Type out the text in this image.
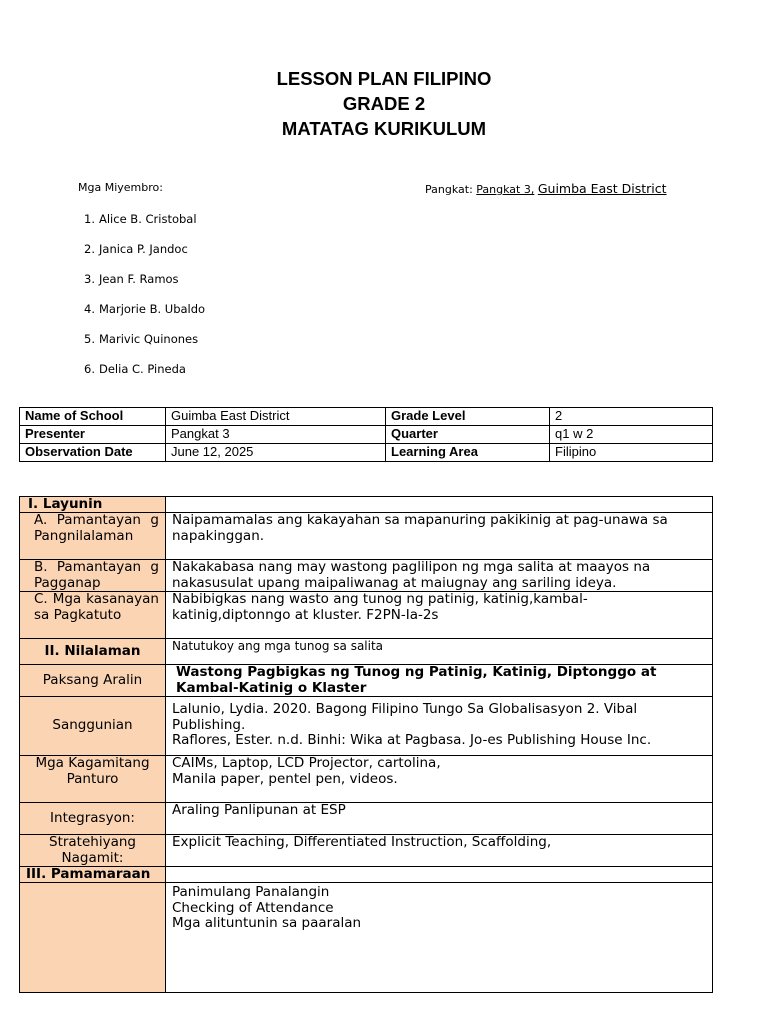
LESSON PLAN FILIPINO
GRADE 2
MATATAG KURIKULUM
Mga Miyembro:	Pangkat: Pangkat 3, Guimba East District
1. Alice B. Cristobal
2. Janica P. Jandoc
3. Jean F. Ramos
4. Marjorie B. Ubaldo
5. Marivic Quinones
6. Delia C. Pineda
Name of School	Guimba East District	Grade Level	2
Presenter	Pangkat 3	Quarter	q1 w 2
Observation Date	June 12, 2025	Learning Area	Filipino
I. Layunin	
A. Pamantayan g Pangnilalaman	Naipamamalas ang kakayahan sa mapanuring pakikinig at pag-unawa sa napakinggan.
B. Pamantayan g Pagganap	Nakakabasa nang may wastong paglilipon ng mga salita at maayos na nakasusulat upang maipaliwanag at maiugnay ang sariling ideya.
C. Mga kasanayan sa Pagkatuto	Nabibigkas nang wasto ang tunog ng patinig, katinig,kambal-katinig,diptonngo at kluster. F2PN-Ia-2s
II. Nilalaman	Natutukoy ang mga tunog sa salita
Paksang Aralin	Wastong Pagbigkas ng Tunog ng Patinig, Katinig, Diptonggo at Kambal-Katinig o Klaster
Sanggunian	Lalunio, Lydia. 2020. Bagong Filipino Tungo Sa Globalisasyon 2. Vibal Publishing.
Raflores, Ester. n.d. Binhi: Wika at Pagbasa. Jo-es Publishing House Inc.

Mga Kagamitang Panturo	CAIMs, Laptop, LCD Projector, cartolina,
Manila paper, pentel pen, videos.

Integrasyon:	Araling Panlipunan at ESP
Stratehiyang Nagamit:	Explicit Teaching, Differentiated Instruction, Scaffolding,
III. Pamamaraan	

	Panimulang Panalangin
Checking of Attendance
Mga alituntunin sa paaralan
